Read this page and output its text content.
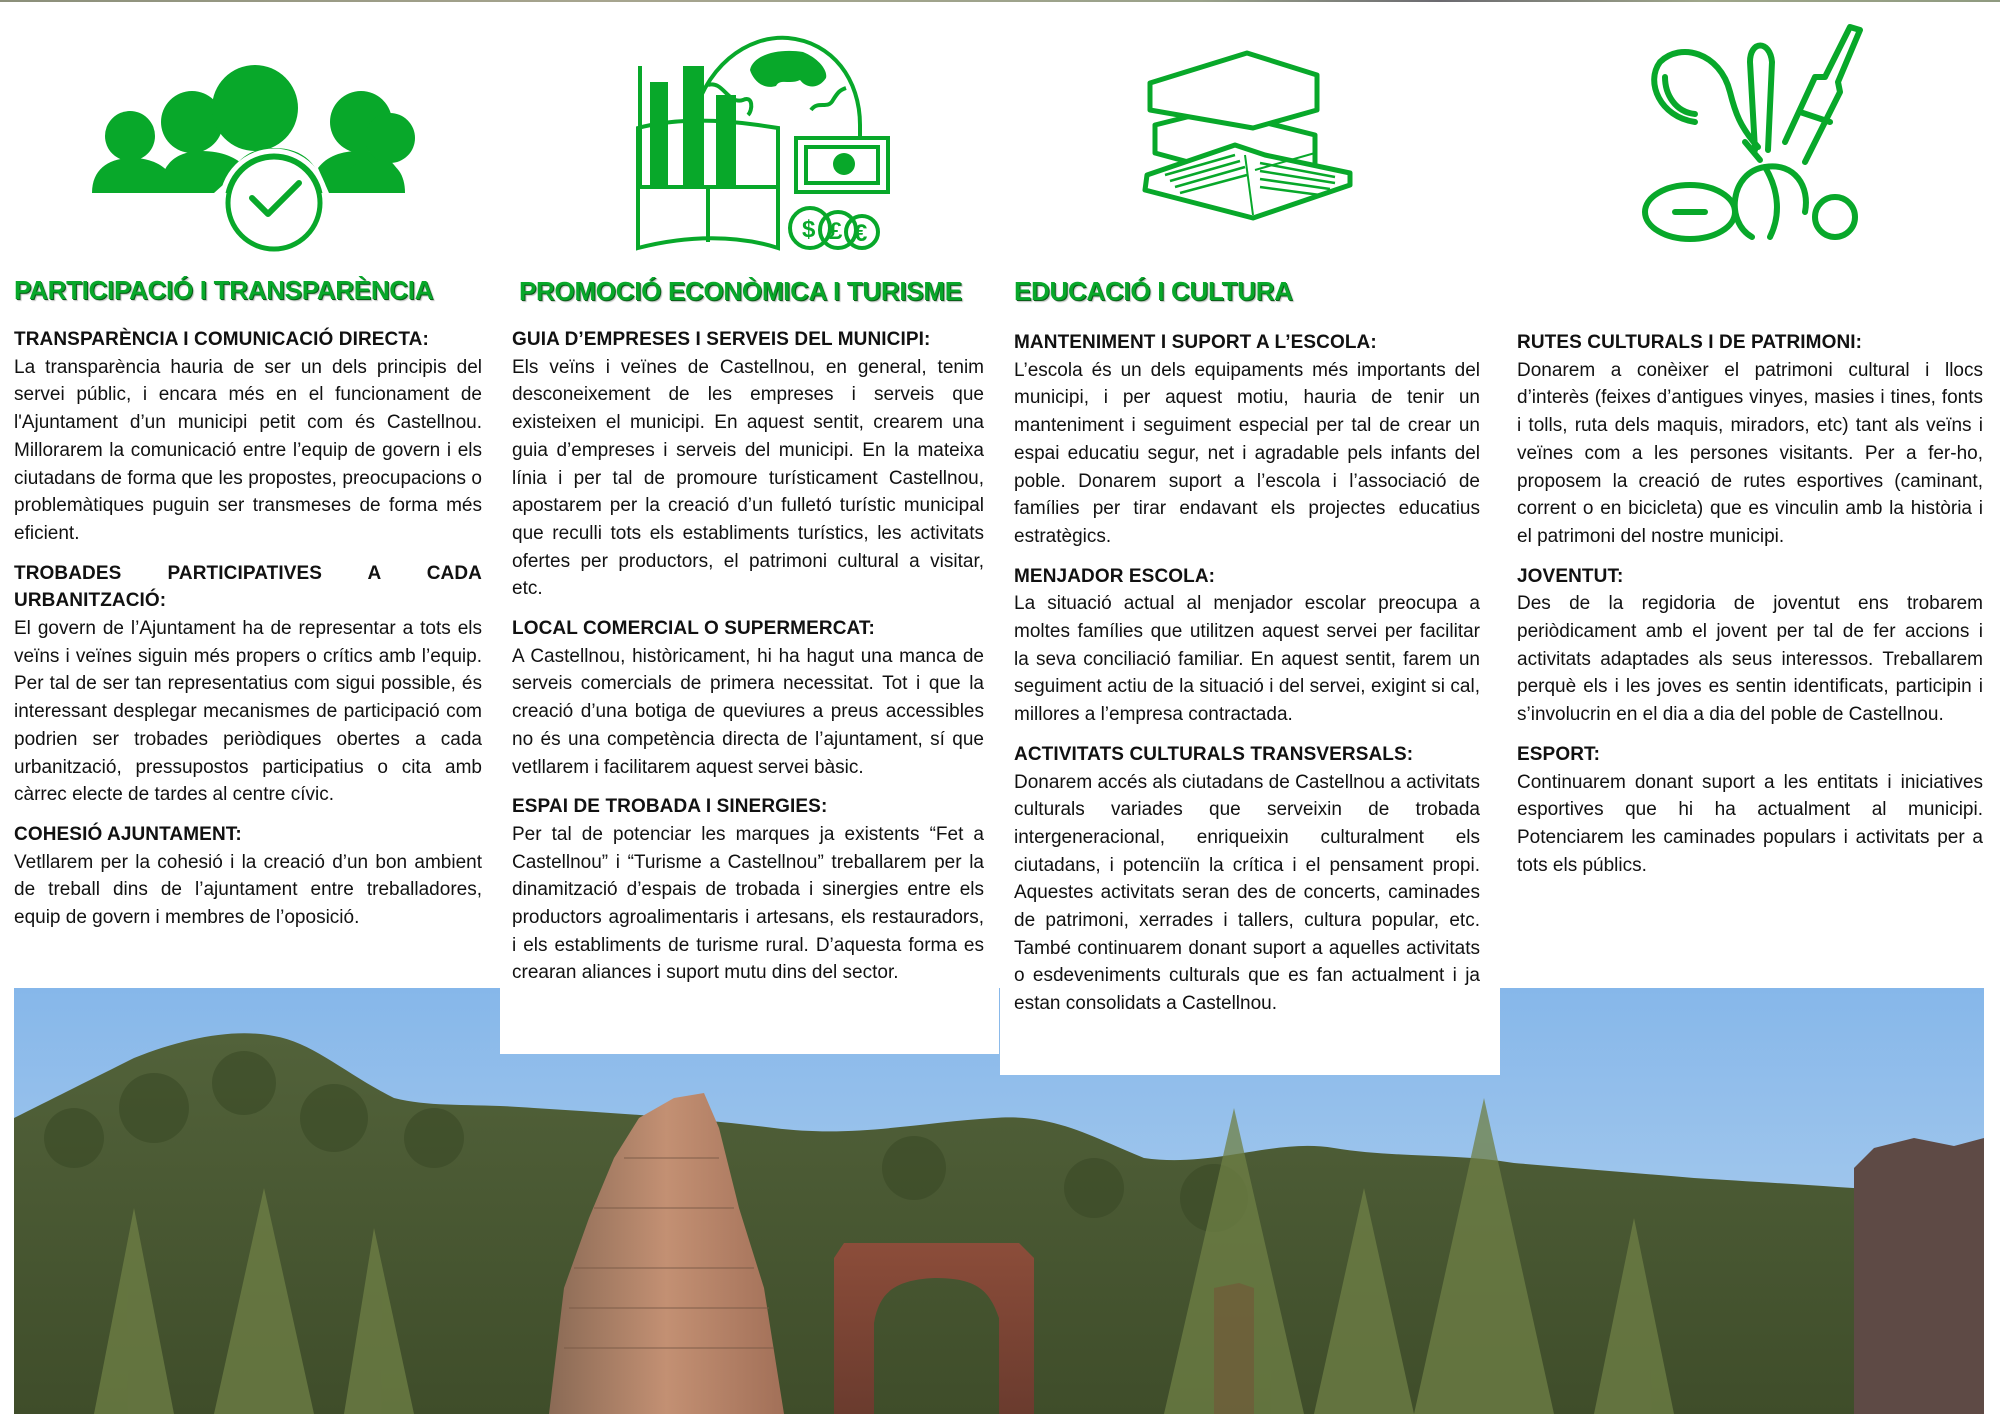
$ £ €
PARTICIPACIÓ I TRANSPARÈNCIA	PROMOCIÓ ECONÒMICA I TURISME EDUCACIÓ I CULTURA
TRANSPARÈNCIA I COMUNICACIÓ DIRECTA:

La transparència hauria de ser un dels principis del servei públic, i encara més en el funcionament de l'Ajuntament d’un municipi petit com és Castellnou. Millorarem la comunicació entre l’equip de govern i els ciutadans de forma que les propostes, preocupacions o problemàtiques puguin ser transmeses de forma més eficient.

TROBADES PARTICIPATIVES A CADA URBANITZACIÓ:

El govern de l’Ajuntament ha de representar a tots els veïns i veïnes siguin més propers o crítics amb l’equip. Per tal de ser tan representatius com sigui possible, és interessant desplegar mecanismes de participació com podrien ser trobades periòdiques obertes a cada urbanització, pressupostos participatius o cita amb càrrec electe de tardes al centre cívic.

COHESIÓ AJUNTAMENT:

Vetllarem per la cohesió i la creació d’un bon ambient de treball dins de l’ajuntament entre treballadores, equip de govern i membres de l’oposició.

GUIA D’EMPRESES I SERVEIS DEL MUNICIPI:

Els veïns i veïnes de Castellnou, en general, tenim desconeixement de les empreses i serveis que existeixen el municipi. En aquest sentit, crearem una guia d’empreses i serveis del municipi. En la mateixa línia i per tal de promoure turísticament Castellnou, apostarem per la creació d’un fulletó turístic municipal que reculli tots els establiments turístics, les activitats ofertes per productors, el patrimoni cultural a visitar, etc.

LOCAL COMERCIAL O SUPERMERCAT:

A Castellnou, històricament, hi ha hagut una manca de serveis comercials de primera necessitat. Tot i que la creació d’una botiga de queviures a preus accessibles no és una competència directa de l’ajuntament, sí que vetllarem i facilitarem aquest servei bàsic.

ESPAI DE TROBADA I SINERGIES:

Per tal de potenciar les marques ja existents “Fet a Castellnou” i “Turisme a Castellnou” treballarem per la dinamització d’espais de trobada i sinergies entre els productors agroalimentaris i artesans, els restauradors, i els establiments de turisme rural. D’aquesta forma es crearan aliances i suport mutu dins del sector.

MANTENIMENT I SUPORT A L’ESCOLA:

L’escola és un dels equipaments més importants del municipi, i per aquest motiu, hauria de tenir un manteniment i seguiment especial per tal de crear un espai educatiu segur, net i agradable pels infants del poble. Donarem suport a l’escola i l’associació de famílies per tirar endavant els projectes educatius estratègics.

MENJADOR ESCOLA:

La situació actual al menjador escolar preocupa a moltes famílies que utilitzen aquest servei per facilitar la seva conciliació familiar. En aquest sentit, farem un seguiment actiu de la situació i del servei, exigint si cal, millores a l’empresa contractada.

ACTIVITATS CULTURALS TRANSVERSALS:

Donarem accés als ciutadans de Castellnou a activitats culturals variades que serveixin de trobada intergeneracional, enriqueixin culturalment els ciutadans, i potenciïn la crítica i el pensament propi. Aquestes activitats seran des de concerts, caminades de patrimoni, xerrades i tallers, cultura popular, etc. També continuarem donant suport a aquelles activitats o esdeveniments culturals que es fan actualment i ja estan consolidats a Castellnou.

RUTES CULTURALS I DE PATRIMONI:

Donarem a conèixer el patrimoni cultural i llocs d’interès (feixes d’antigues vinyes, masies i tines, fonts i tolls, ruta dels maquis, miradors, etc) tant als veïns i veïnes com a les persones visitants. Per a fer-ho, proposem la creació de rutes esportives (caminant, corrent o en bicicleta) que es vinculin amb la història i el patrimoni del nostre municipi.

JOVENTUT:

Des de la regidoria de joventut ens trobarem periòdicament amb el jovent per tal de fer accions i activitats adaptades als seus interessos. Treballarem perquè els i les joves es sentin identificats, participin i s’involucrin en el dia a dia del poble de Castellnou.

ESPORT:

Continuarem donant suport a les entitats i iniciatives esportives que hi ha actualment al municipi. Potenciarem les caminades populars i activitats per a tots els públics.
